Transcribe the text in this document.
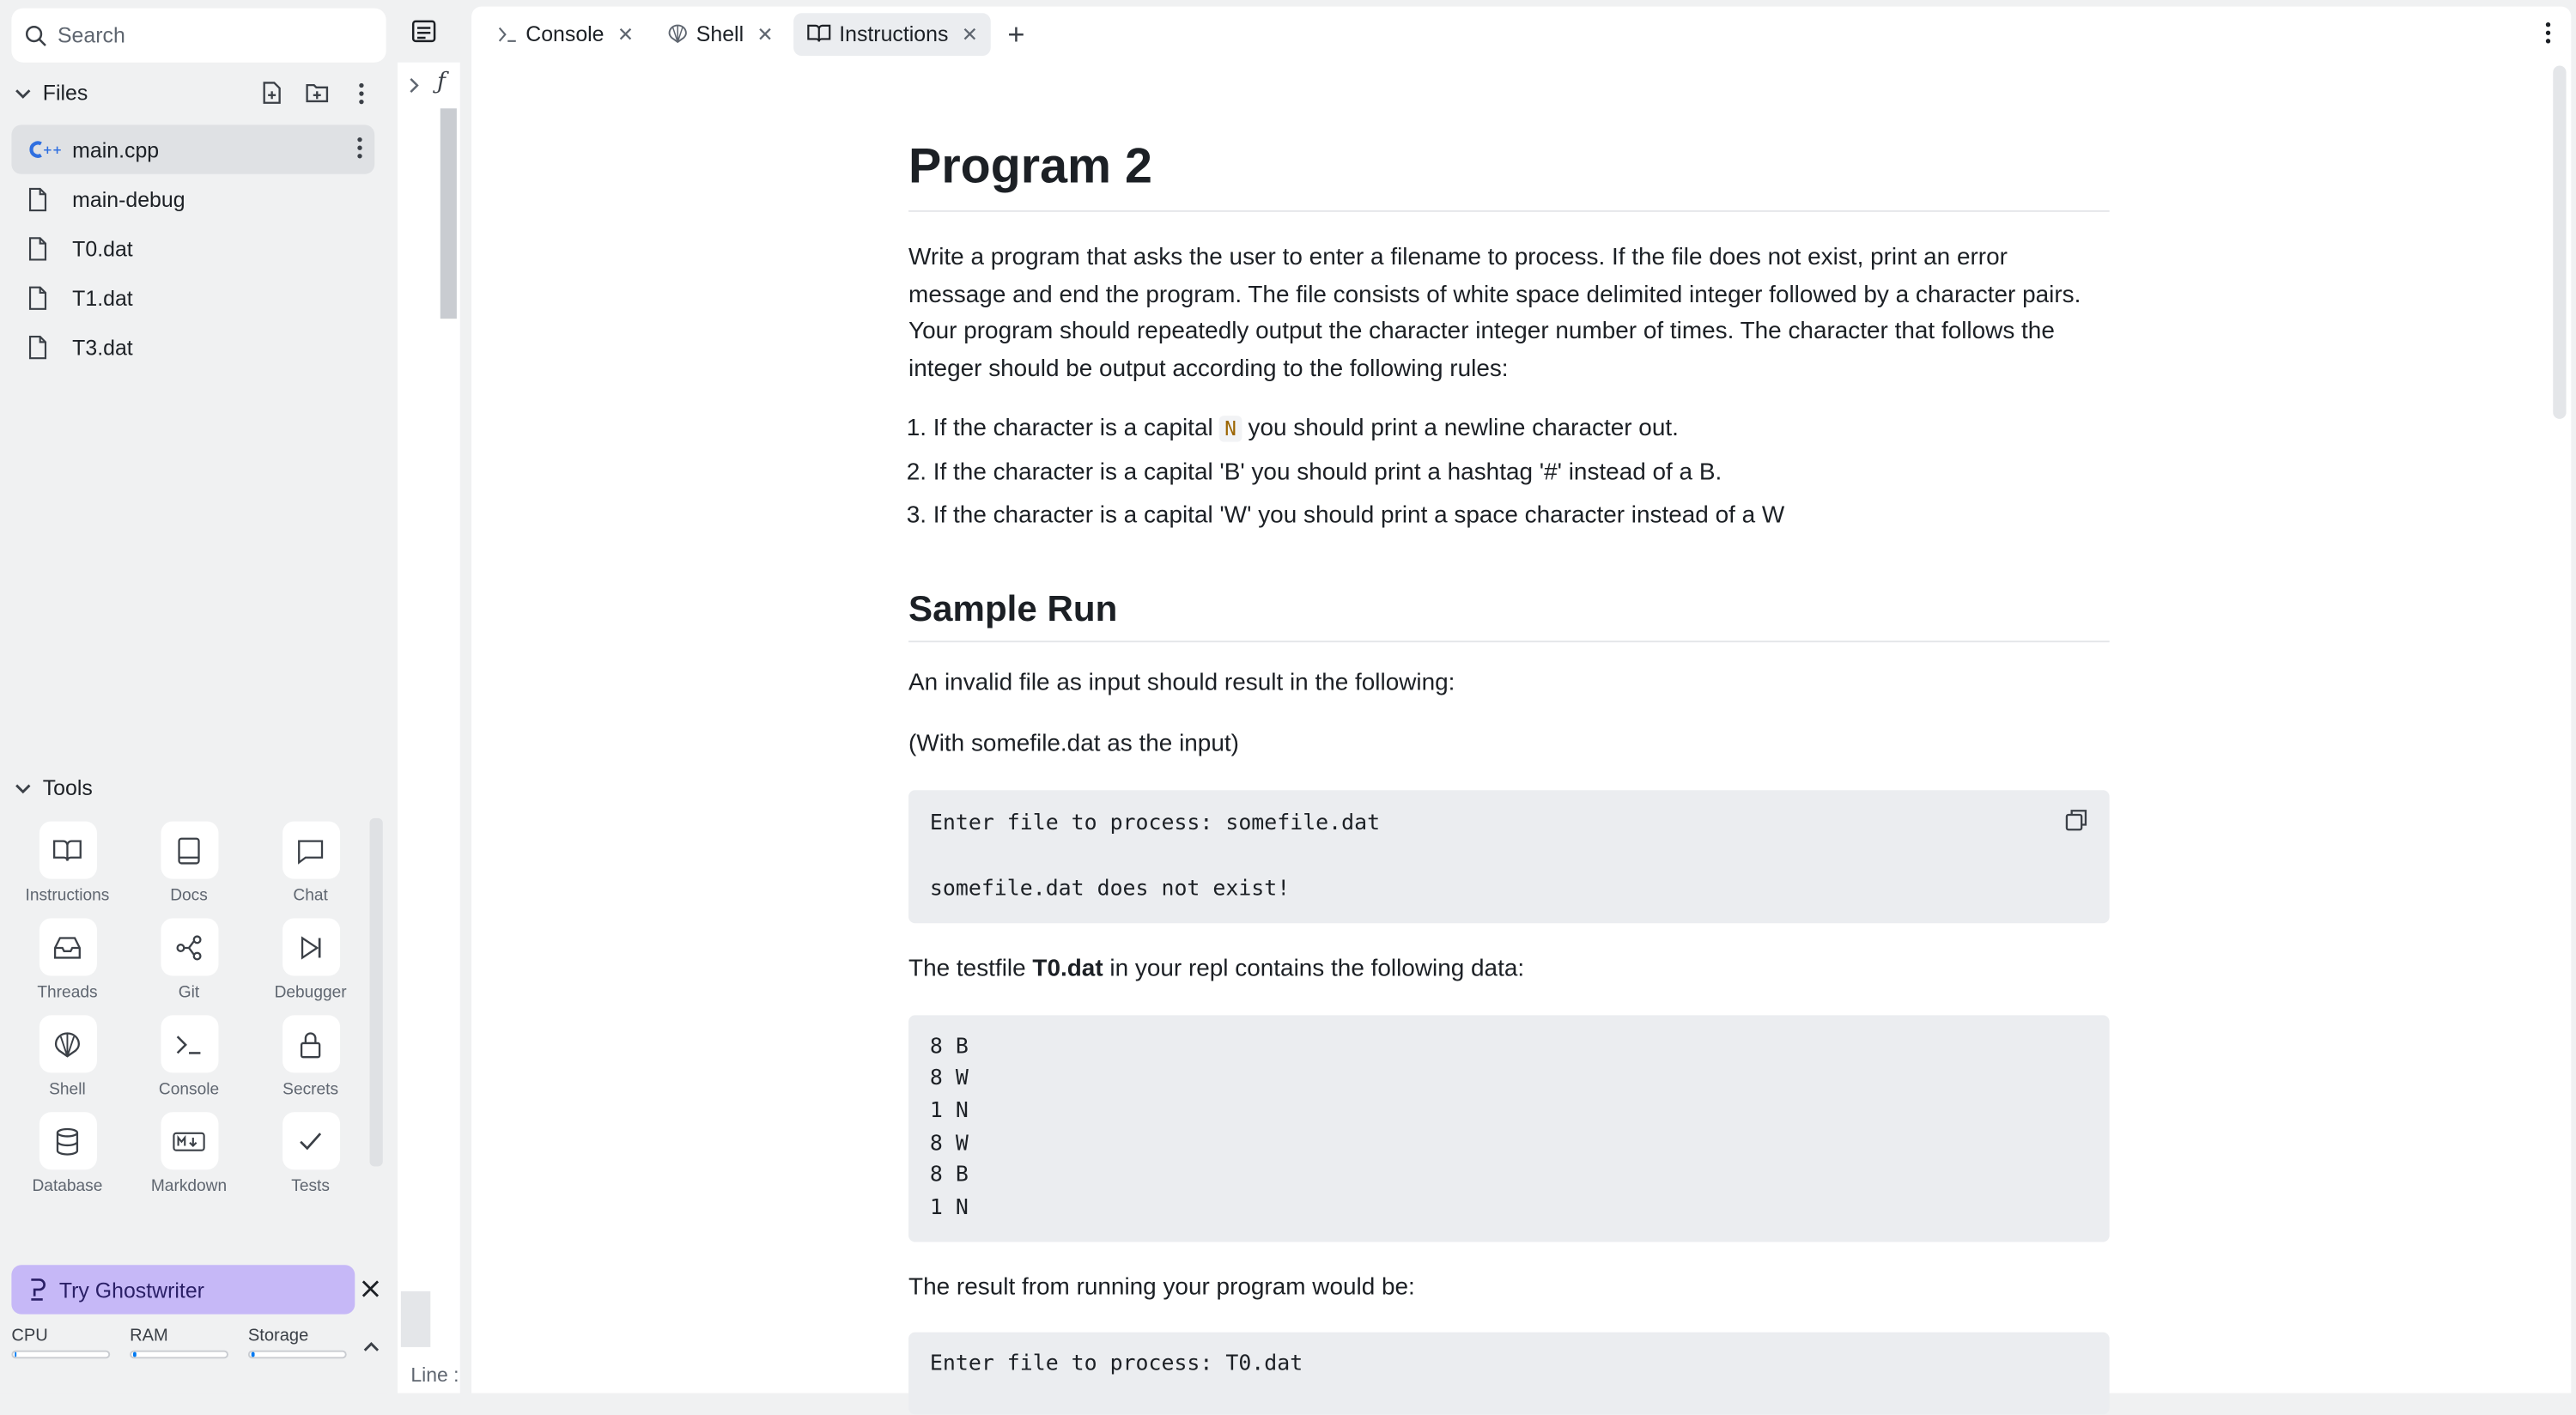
Search
Files
++ main.cpp
main-debug
T0.dat
T1.dat
T3.dat
Tools
Instructions	Docs	Chat
Threads	Git	Debugger
Shell	Console	Secrets
Database	Markdown	Tests
Try Ghostwriter
CPU	RAM	Storage
ƒ
Line :
Console ✕	Shell ✕	Instructions ✕ +
Program 2

Write a program that asks the user to enter a filename to process. If the file does not exist, print an error message and end the program. The file consists of white space delimited integer followed by a character pairs. Your program should repeatedly output the character integer number of times. The character that follows the integer should be output according to the following rules:

1. If the character is a capital N you should print a newline character out.
2. If the character is a capital 'B' you should print a hashtag '#' instead of a B.
3. If the character is a capital 'W' you should print a space character instead of a W
Sample Run

An invalid file as input should result in the following:

(With somefile.dat as the input)

Enter file to process: somefile.dat
somefile.dat does not exist!

The testfile T0.dat in your repl contains the following data:

8 B
8 W
1 N
8 W
8 B
1 N

The result from running your program would be:

Enter file to process: T0.dat
